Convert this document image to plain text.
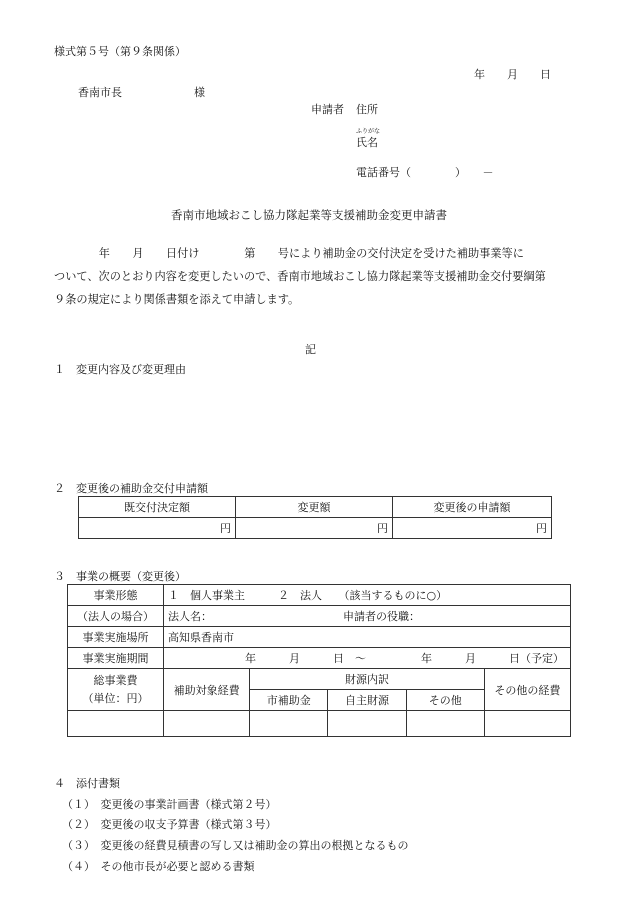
様式第５号（第９条関係）
年　　月　　日
香南市長	様
申請者 住所
ふりがな
氏名
電話番号（　　　　）　　－
香南市地域おこし協力隊起業等支援補助金変更申請書
　　　　年　　月　　日付け　　　　第　　号により補助金の交付決定を受けた補助事業等に
ついて、次のとおり内容を変更したいので、香南市地域おこし協力隊起業等支援補助金交付要綱第
９条の規定により関係書類を添えて申請します。
記
１　変更内容及び変更理由
２　変更後の補助金交付申請額
既交付決定額	変更額	変更後の申請額
円	円	円
３　事業の概要（変更後）
事業形態	１　個人事業主　　　２　法人　　（該当するものに○）				
（法人の場合）	法人名： 申請者の役職：				
事業実施場所	高知県香南市				
事業実施期間	年　　　月　　　日　～　　　　　年　　　月　　　日（予定）				

総事業費
（単位：円）	補助対象経費	財源内訳			その他の経費
		市補助金	自主財源	その他	

４　添付書類
（１）　変更後の事業計画書（様式第２号）
（２）　変更後の収支予算書（様式第３号）
（３）　変更後の経費見積書の写し又は補助金の算出の根拠となるもの
（４）　その他市長が必要と認める書類
